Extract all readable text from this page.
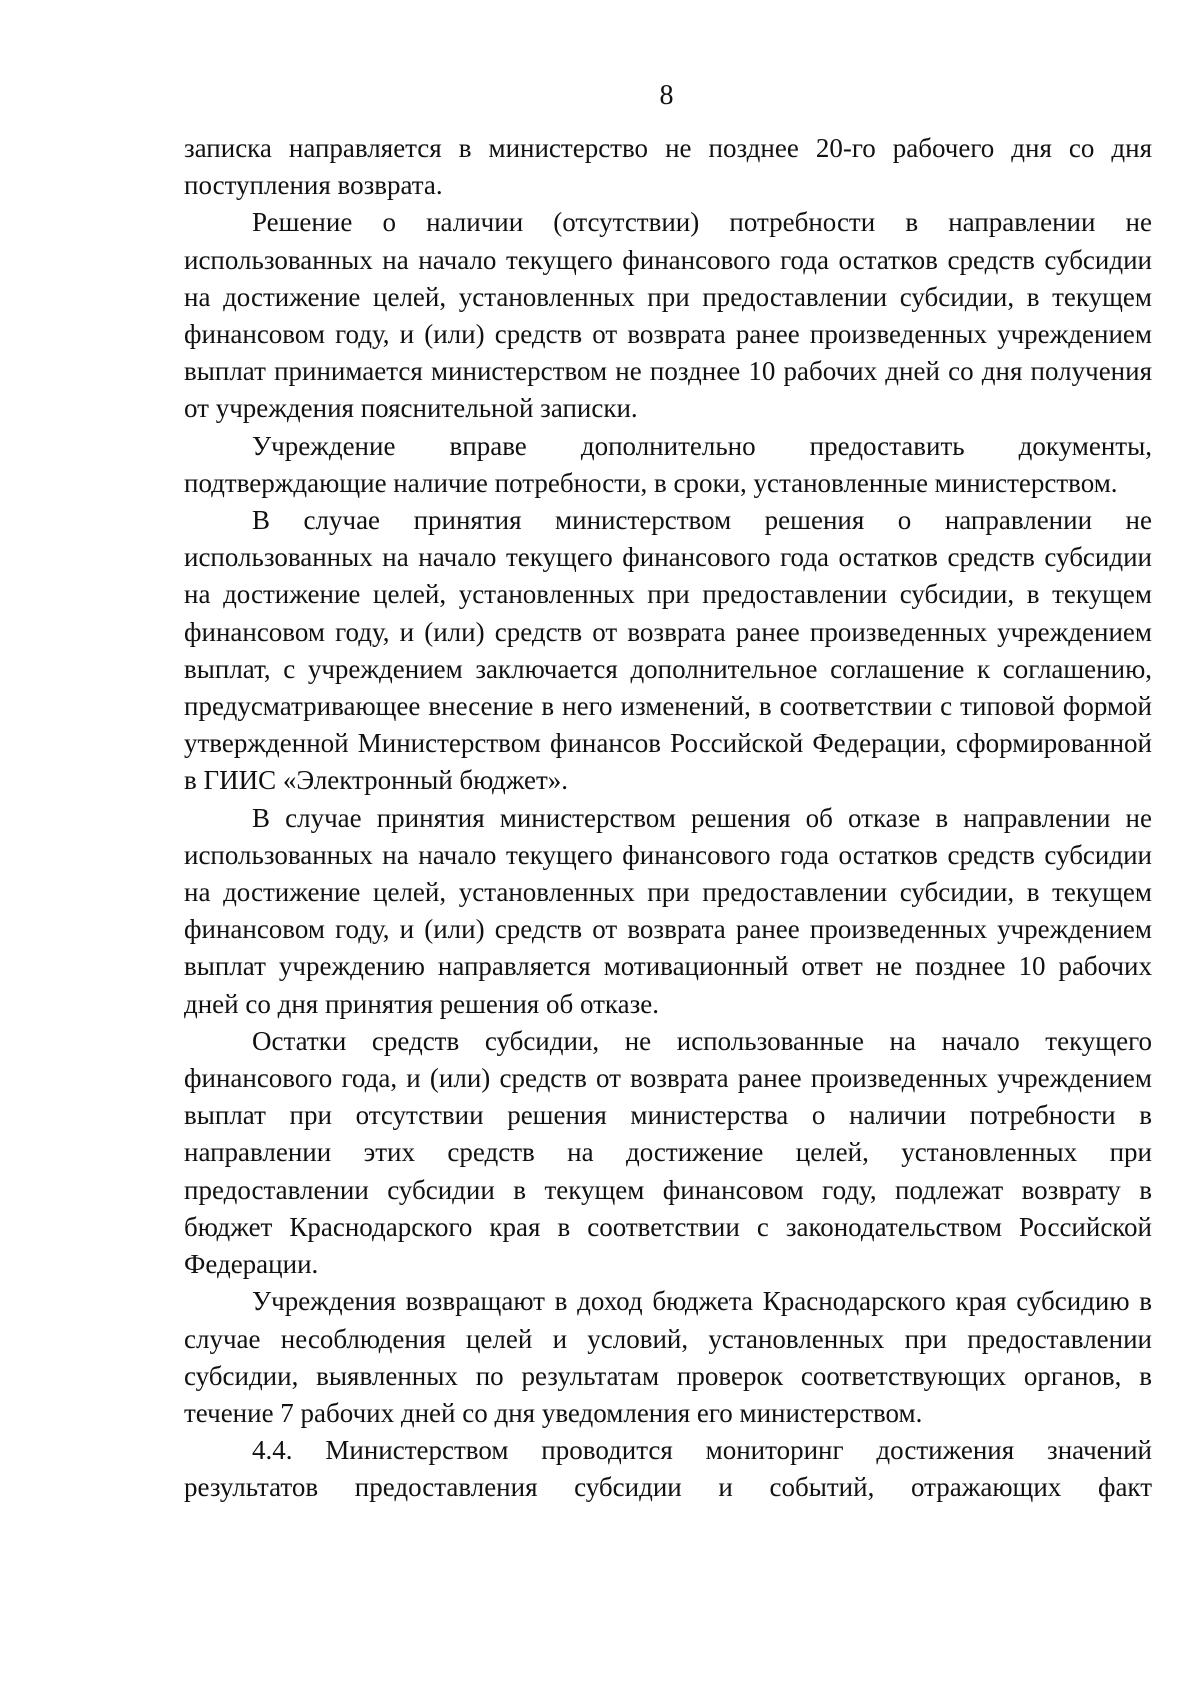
8

записка направляется в министерство не позднее 20-го рабочего дня со дня поступления возврата.

Решение о наличии (отсутствии) потребности в направлении не использованных на начало текущего финансового года остатков средств субсидии на достижение целей, установленных при предоставлении субсидии, в текущем финансовом году, и (или) средств от возврата ранее произведенных учреждением выплат принимается министерством не позднее 10 рабочих дней со дня получения от учреждения пояснительной записки.

Учреждение вправе дополнительно предоставить документы, подтверждающие наличие потребности, в сроки, установленные министерством.

В случае принятия министерством решения о направлении не использованных на начало текущего финансового года остатков средств субсидии на достижение целей, установленных при предоставлении субсидии, в текущем финансовом году, и (или) средств от возврата ранее произведенных учреждением выплат, с учреждением заключается дополнительное соглашение к соглашению, предусматривающее внесение в него изменений, в соответствии с типовой формой утвержденной Министерством финансов Российской Федерации, сформированной в ГИИС «Электронный бюджет».

В случае принятия министерством решения об отказе в направлении не использованных на начало текущего финансового года остатков средств субсидии на достижение целей, установленных при предоставлении субсидии, в текущем финансовом году, и (или) средств от возврата ранее произведенных учреждением выплат учреждению направляется мотивационный ответ не позднее 10 рабочих дней со дня принятия решения об отказе.

Остатки средств субсидии, не использованные на начало текущего финансового года, и (или) средств от возврата ранее произведенных учреждением выплат при отсутствии решения министерства о наличии потребности в направлении этих средств на достижение целей, установленных при предоставлении субсидии в текущем финансовом году, подлежат возврату в бюджет Краснодарского края в соответствии с законодательством Российской Федерации.

Учреждения возвращают в доход бюджета Краснодарского края субсидию в случае несоблюдения целей и условий, установленных при предоставлении субсидии, выявленных по результатам проверок соответствующих органов, в течение 7 рабочих дней со дня уведомления его министерством.

4.4. Министерством проводится мониторинг достижения значений результатов предоставления субсидии и событий, отражающих факт
